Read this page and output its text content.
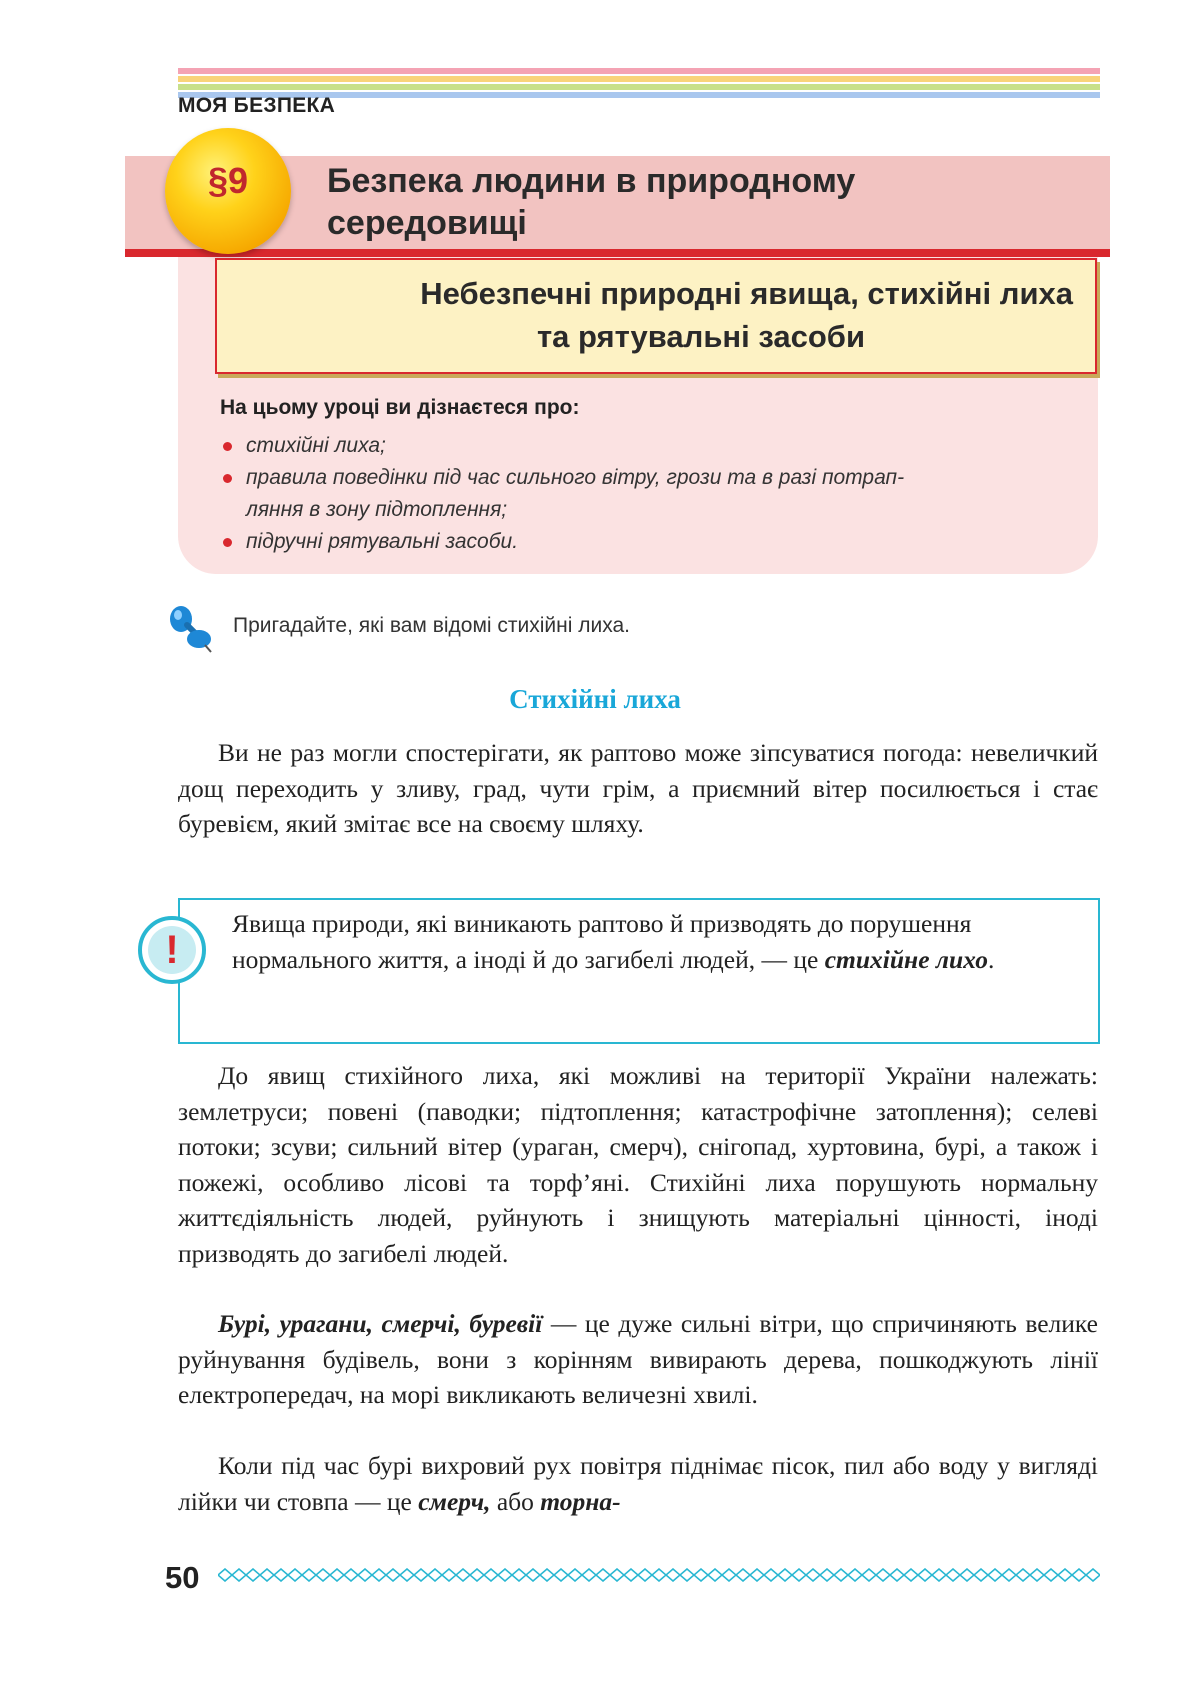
МОЯ БЕЗПЕКА
§9	Безпека людини в природному
середовищі
Небезпечні природні явища, стихійні лиха
та рятувальні засоби
На цьому уроці ви дізнаєтеся про:
стихійні лиха;
правила поведінки під час сильного вітру, грози та в разі потрап-
ляння в зону підтоплення;
підручні рятувальні засоби.
Пригадайте, які вам відомі стихійні лиха.
Стихійні лиха
Ви не раз могли спостерігати, як раптово може зіпсуватися погода: невеличкий дощ переходить у зливу, град, чути грім, а приємний вітер посилюється і стає буревієм, який змітає все на своєму шляху.
!
Явища природи, які виникають раптово й призводять до порушення нормального життя, а іноді й до загибелі людей, — це стихійне лихо.
До явищ стихійного лиха, які можливі на території України належать: землетруси; повені (паводки; підтоплення; катастрофічне затоплення); селеві потоки; зсуви; сильний вітер (ураган, смерч), снігопад, хуртовина, бурі, а також і пожежі, особливо лісові та торф’яні. Стихійні лиха порушують нормальну життєдіяльність людей, руйнують і знищують матеріальні цінності, іноді призводять до загибелі людей.
Бурі, урагани, смерчі, буревії — це дуже сильні вітри, що спричиняють велике руйнування будівель, вони з корінням вивирають дерева, пошкоджують лінії електропередач, на морі викликають величезні хвилі.
Коли під час бурі вихровий рух повітря піднімає пісок, пил або воду у вигляді лійки чи стовпа — це смерч, або торна-
50
